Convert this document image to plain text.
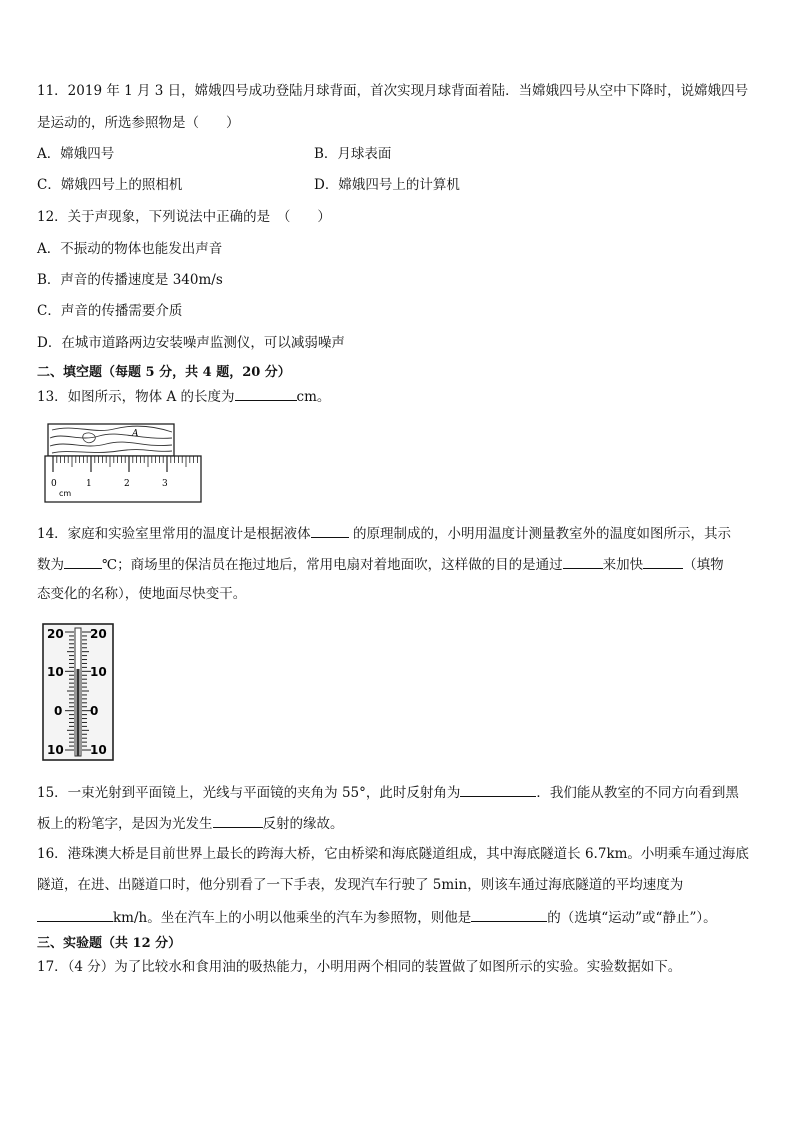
11．2019 年 1 月 3 日，嫦娥四号成功登陆月球背面，首次实现月球背面着陆．当嫦娥四号从空中下降时，说嫦娥四号
是运动的，所选参照物是（　　）
A．嫦娥四号	B．月球表面
C．嫦娥四号上的照相机	D．嫦娥四号上的计算机
12．关于声现象，下列说法中正确的是　（　　）
A．不振动的物体也能发出声音
B．声音的传播速度是 340m/s
C．声音的传播需要介质
D．在城市道路两边安装噪声监测仪，可以减弱噪声
二、填空题（每题 5 分，共 4 题，20 分）
13．如图所示，物体 A 的长度为	cm。
A
0	1	2	3
cm
14．家庭和实验室里常用的温度计是根据液体	的原理制成的，小明用温度计测量教室外的温度如图所示，其示
数为	℃；商场里的保洁员在拖过地后，常用电扇对着地面吹，这样做的目的是通过	来加快	（填物
态变化的名称），使地面尽快变干。
20
10
0
10
20
10
0
10
15．一束光射到平面镜上，光线与平面镜的夹角为 55°，此时反射角为	．我们能从教室的不同方向看到黑
板上的粉笔字，是因为光发生	反射的缘故。
16．港珠澳大桥是目前世界上最长的跨海大桥，它由桥梁和海底隧道组成，其中海底隧道长 6.7km。小明乘车通过海底
隧道，在进、出隧道口时，他分别看了一下手表，发现汽车行驶了 5min，则该车通过海底隧道的平均速度为
km/h。坐在汽车上的小明以他乘坐的汽车为参照物，则他是	的（选填“运动”或“静止”）。
三、实验题（共 12 分）
17．（4 分）为了比较水和食用油的吸热能力，小明用两个相同的装置做了如图所示的实验。实验数据如下。
